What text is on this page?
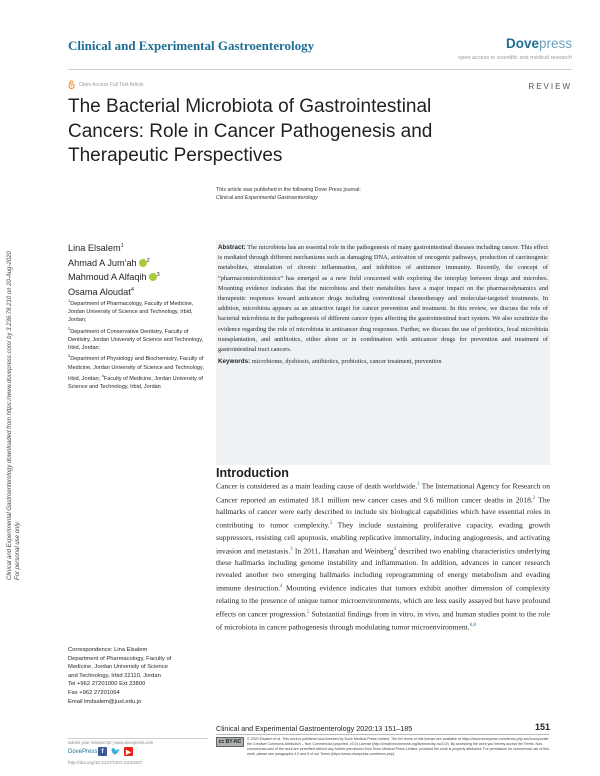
Clinical and Experimental Gastroenterology	Dovepress
open access to scientific and medical research
Open Access Full Text Article	REVIEW
The Bacterial Microbiota of Gastrointestinal
Cancers: Role in Cancer Pathogenesis and
Therapeutic Perspectives
This article was published in the following Dove Press journal:
Clinical and Experimental Gastroenterology
Clinical and Experimental Gastroenterology downloaded from https://www.dovepress.com/ by 3.236.78.210 on 20-Aug-2020 For personal use only.
Lina Elsalem$^1$
Ahmad A Jum'ah $^2$
Mahmoud A Alfaqih $^3$
Osama Aloudat$^4$

$^1$Department of Pharmacology, Faculty of Medicine, Jordan University of Science and Technology, Irbid, Jordan;

$^2$Department of Conservative Dentistry, Faculty of Dentistry, Jordan University of Science and Technology, Irbid, Jordan;

$^3$Department of Physiology and Biochemistry, Faculty of Medicine, Jordan University of Science and Technology, Irbid, Jordan; $^4$Faculty of Medicine, Jordan University of Science and Technology, Irbid, Jordan

Abstract: The microbiota has an essential role in the pathogenesis of many gastrointestinal diseases including cancer. This effect is mediated through different mechanisms such as damaging DNA, activation of oncogenic pathways, production of carcinogenic metabolites, stimulation of chronic inflammation, and inhibition of antitumor immunity. Recently, the concept of “pharmacomicrobiomics” has emerged as a new field concerned with exploring the interplay between drugs and microbes. Mounting evidence indicates that the microbiota and their metabolites have a major impact on the pharmacodynamics and therapeutic responses toward anticancer drugs including conventional chemotherapy and molecular-targeted treatments. In addition, microbiota appears as an attractive target for cancer prevention and treatment. In this review, we discuss the role of bacterial microbiota in the pathogenesis of different cancer types affecting the gastrointestinal tract system. We also scrutinize the evidence regarding the role of microbiota in anticancer drug responses. Further, we discuss the use of probiotics, fecal microbiota transplantation, and antibiotics, either alone or in combination with anticancer drugs for prevention and treatment of gastrointestinal tract cancers.
Keywords: microbiome, dysbiosis, antibiotics, probiotics, cancer treatment, prevention
Introduction
Cancer is considered as a main leading cause of death worldwide.$^1$ The International Agency for Research on Cancer reported an estimated 18.1 million new cancer cases and 9.6 million cancer deaths in 2018.$^2$ The hallmarks of cancer were early described to include six biological capabilities which have essential roles in contributing to tumor complexity.$^3$ They include sustaining proliferative capacity, evading growth suppressors, resisting cell apoptosis, enabling replicative immortality, inducing angiogenesis, and activating invasion and metastasis.$^3$ In 2011, Hanahan and Weinberg$^4$ described two enabling characteristics underlying these hallmarks including genome instability and inflammation. In addition, advances in cancer research revealed another two emerging hallmarks including reprogramming of energy metabolism and evading immune destruction.$^4$ Mounting evidence indicates that tumors exhibit another dimension of complexity relating to the presence of unique tumor microenvironments, which are less easily assayed but have profound effects on cancer progression.$^5$ Substantial findings from in vitro, in vivo, and human studies point to the role of microbiota in cancer pathogenesis through modulating tumor microenvironment.$^{6,8}$
Correspondence: Lina Elsalem
Department of Pharmacology, Faculty of
Medicine, Jordan University of Science
and Technology, Irbid 22110, Jordan
Tel +962 27201000 Ext 23800
Fax +962 27201064
Email lmdsalem@just.edu.jo
submit your manuscript | www.dovepress.com
DovePress f 🐦 ▶
http://doi.org/10.2147/CEG.S243337
Clinical and Experimental Gastroenterology 2020:13 151–185	151
cc BY-NC	© 2020 Elsalem et al. This work is published and licensed by Dove Medical Press Limited. The full terms of this license are available at https://www.dovepress.com/terms.php and incorporate the Creative Commons Attribution – Non Commercial (unported, v3.0) License (http://creativecommons.org/licenses/by-nc/3.0/). By accessing the work you hereby accept the Terms. Non-commercial uses of the work are permitted without any further permission from Dove Medical Press Limited, provided the work is properly attributed. For permission for commercial use of this work, please see paragraphs 4.2 and 5 of our Terms (https://www.dovepress.com/terms.php).
